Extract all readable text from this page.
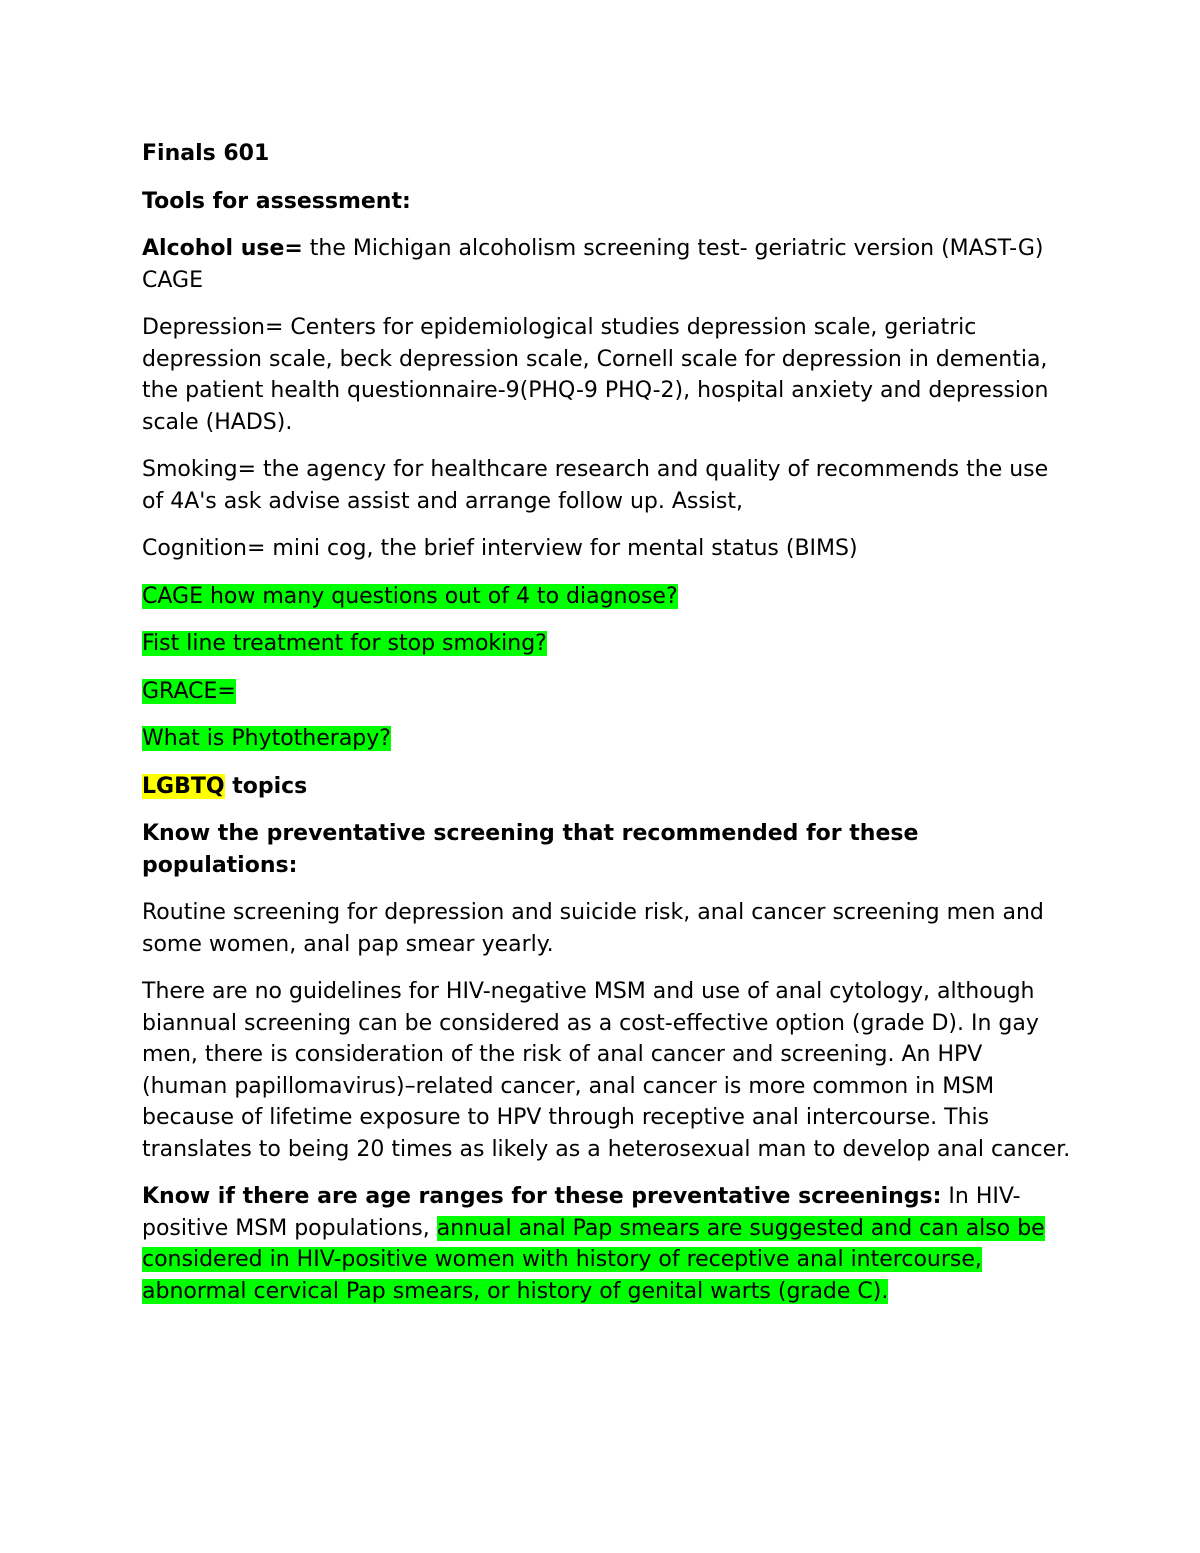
Finals 601

Tools for assessment:

Alcohol use= the Michigan alcoholism screening test- geriatric version (MAST-G) CAGE

Depression= Centers for epidemiological studies depression scale, geriatric depression scale, beck depression scale, Cornell scale for depression in dementia, the patient health questionnaire-9(PHQ-9 PHQ-2), hospital anxiety and depression scale (HADS).

Smoking= the agency for healthcare research and quality of recommends the use of 4A's ask advise assist and arrange follow up. Assist,

Cognition= mini cog, the brief interview for mental status (BIMS)

CAGE how many questions out of 4 to diagnose?

Fist line treatment for stop smoking?

GRACE=

What is Phytotherapy?

LGBTQ topics

Know the preventative screening that recommended for these populations:

Routine screening for depression and suicide risk, anal cancer screening men and some women, anal pap smear yearly.

There are no guidelines for HIV-negative MSM and use of anal cytology, although biannual screening can be considered as a cost-effective option (grade D). In gay men, there is consideration of the risk of anal cancer and screening. An HPV (human papillomavirus)–related cancer, anal cancer is more common in MSM because of lifetime exposure to HPV through receptive anal intercourse. This translates to being 20 times as likely as a heterosexual man to develop anal cancer.

Know if there are age ranges for these preventative screenings: In HIV-positive MSM populations, annual anal Pap smears are suggested and can also be considered in HIV-positive women with history of receptive anal intercourse, abnormal cervical Pap smears, or history of genital warts (grade C).
